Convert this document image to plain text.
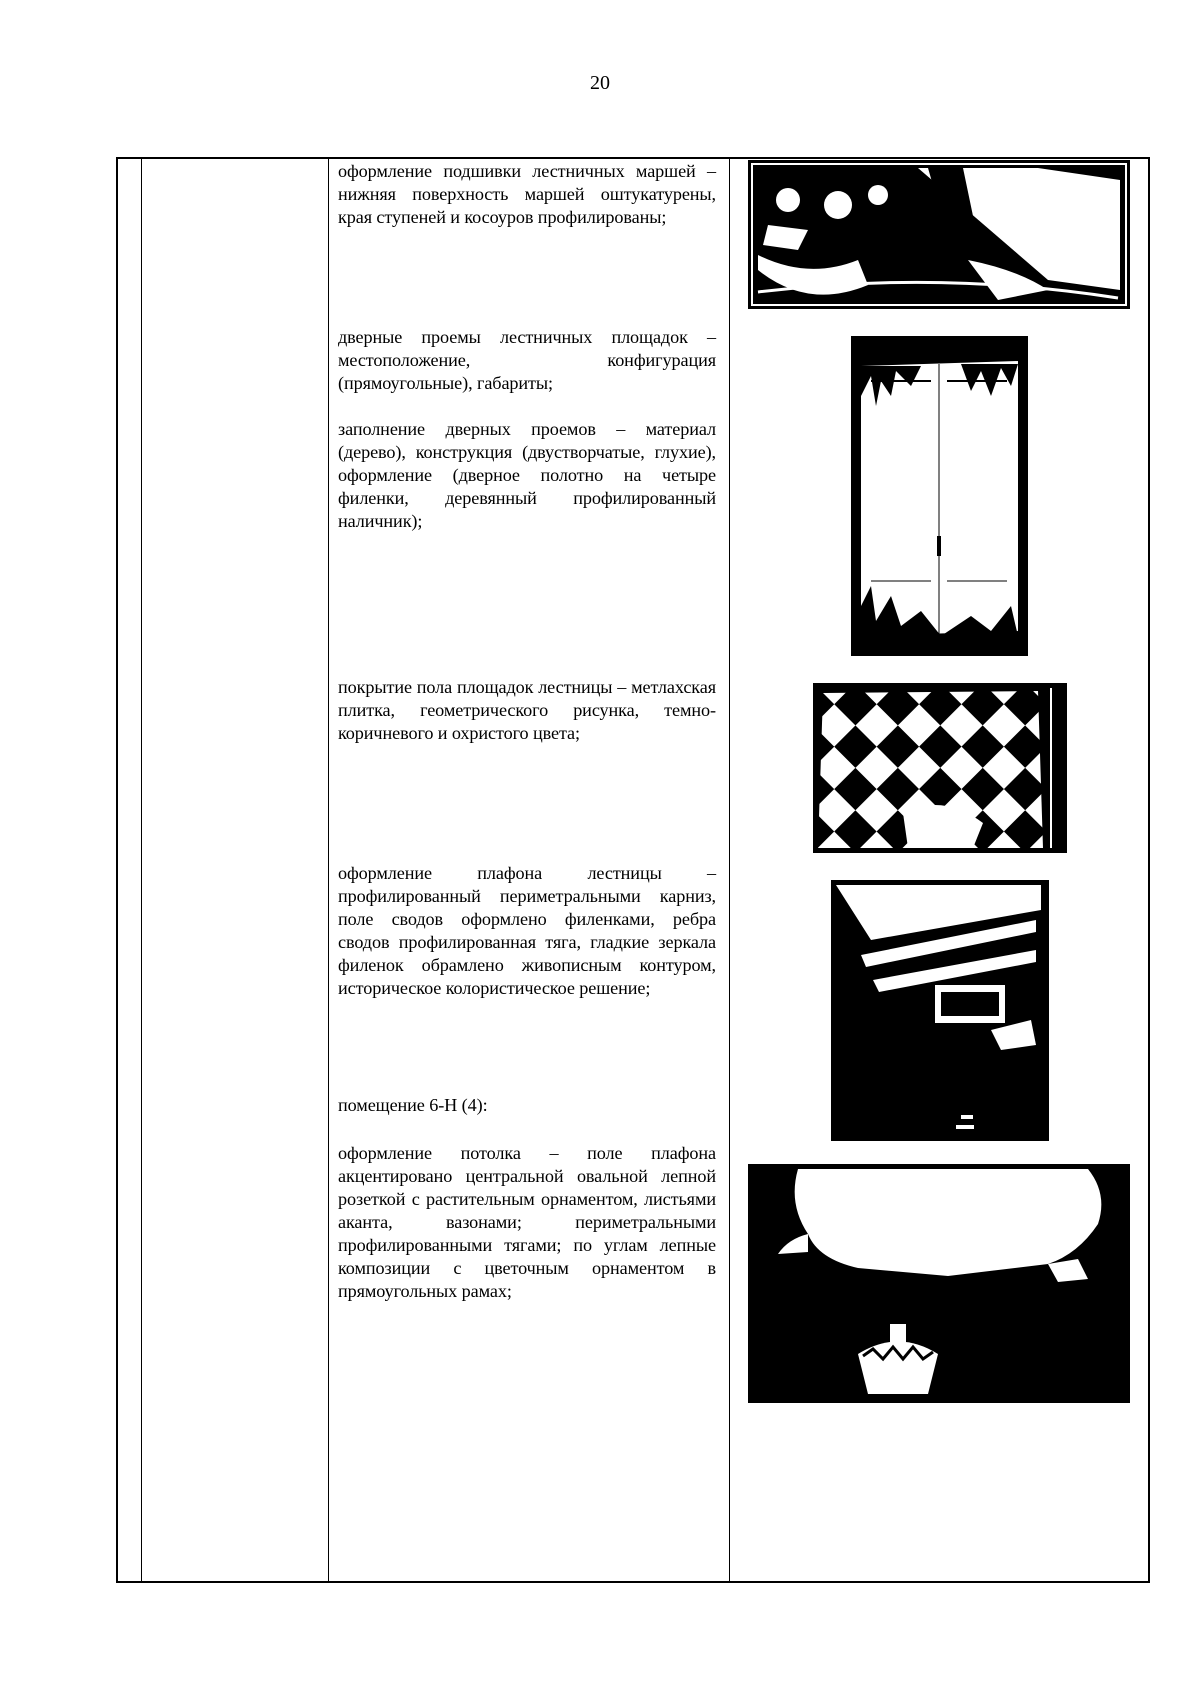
20
оформление подшивки лестничных маршей – нижняя поверхность маршей оштукатурены, края ступеней и косоуров профилированы;
дверные проемы лестничных площадок – местоположение, конфигурация (прямоугольные), габариты;
заполнение дверных проемов – материал (дерево), конструкция (двустворчатые, глухие), оформление (дверное полотно на четыре филенки, деревянный профилированный наличник);
покрытие пола площадок лестницы – метлахская плитка, геометрического рисунка, темно-коричневого и охристого цвета;
оформление плафона лестницы – профилированный периметральными карниз, поле сводов оформлено филенками, ребра сводов профилированная тяга, гладкие зеркала филенок обрамлено живописным контуром, историческое колористическое решение;
помещение 6-Н (4):
оформление потолка – поле плафона акцентировано центральной овальной лепной розеткой с растительным орнаментом, листьями аканта, вазонами; периметральными профилированными тягами; по углам лепные композиции с цветочным орнаментом в прямоугольных рамах;
